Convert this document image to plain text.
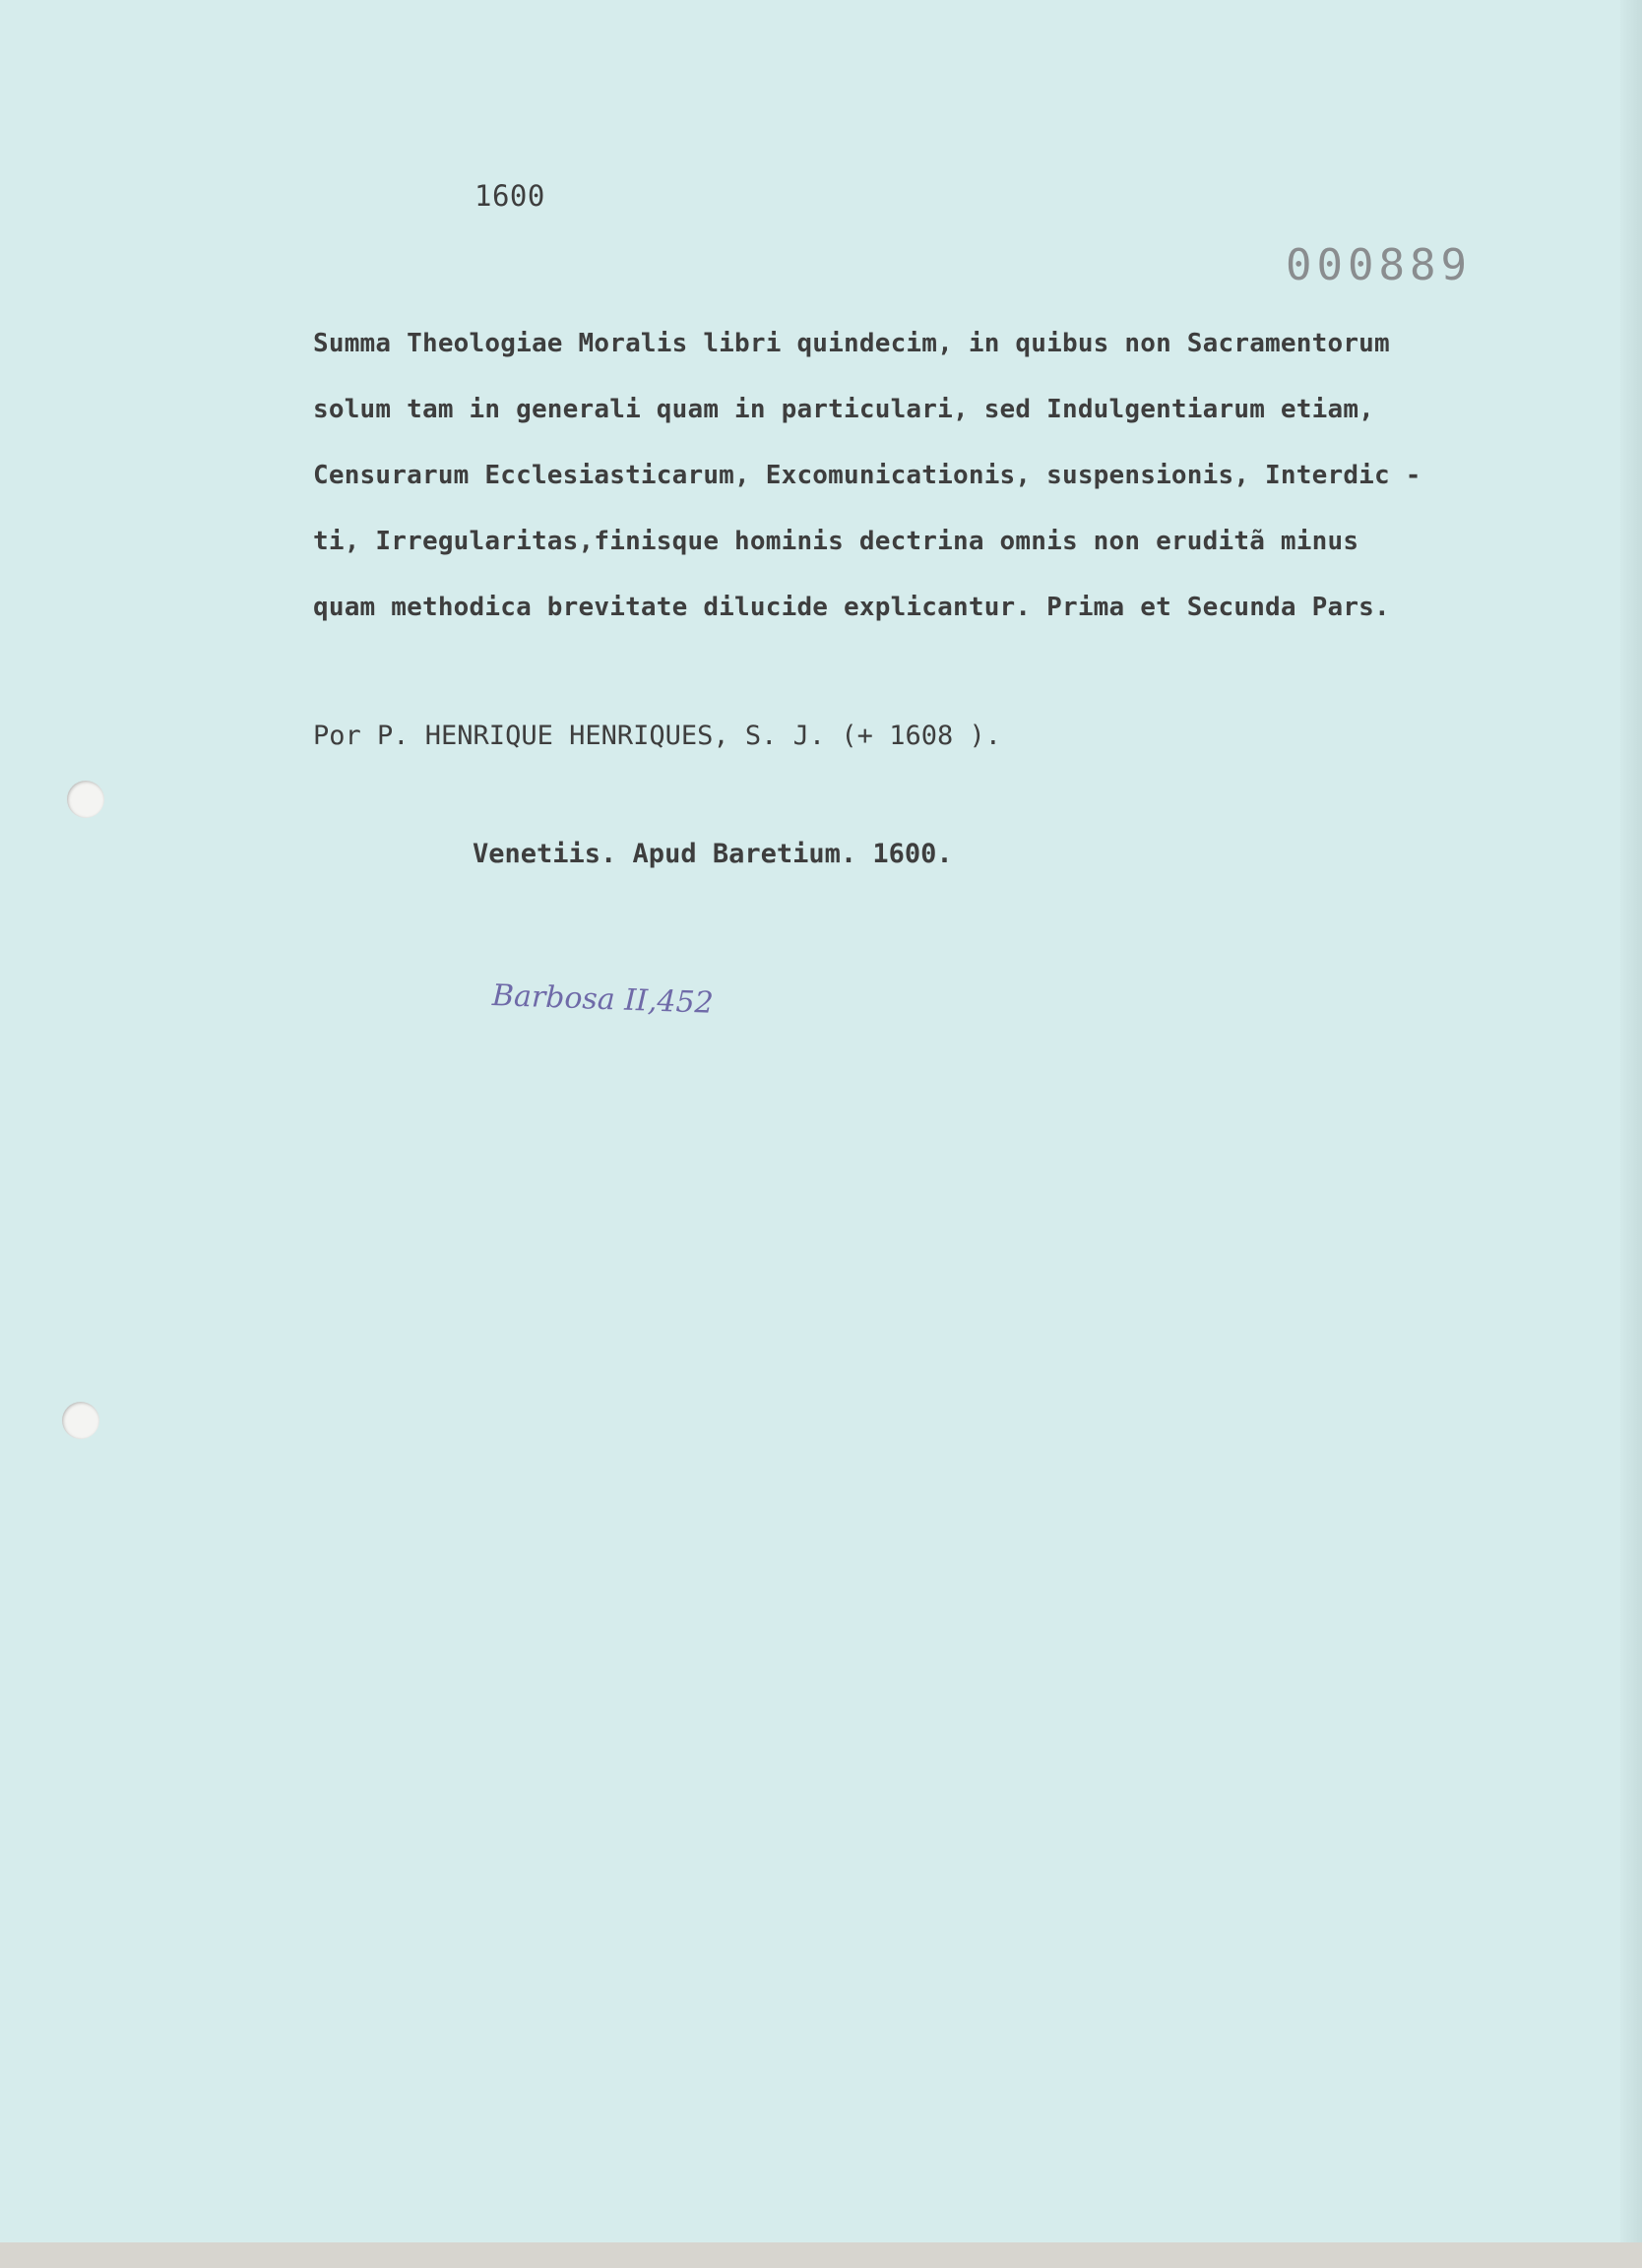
1600
000889
Summa Theologiae Moralis libri quindecim, in quibus non Sacramentorum
solum tam in generali quam in particulari, sed Indulgentiarum etiam,
Censurarum Ecclesiasticarum, Excomunicationis, suspensionis, Interdic -
ti, Irregularitas,finisque hominis dectrina omnis non eruditã minus
quam methodica brevitate dilucide explicantur. Prima et Secunda Pars.
Por P. HENRIQUE HENRIQUES, S. J. (+ 1608 ).
Venetiis. Apud Baretium. 1600.
Barbosa II,452
